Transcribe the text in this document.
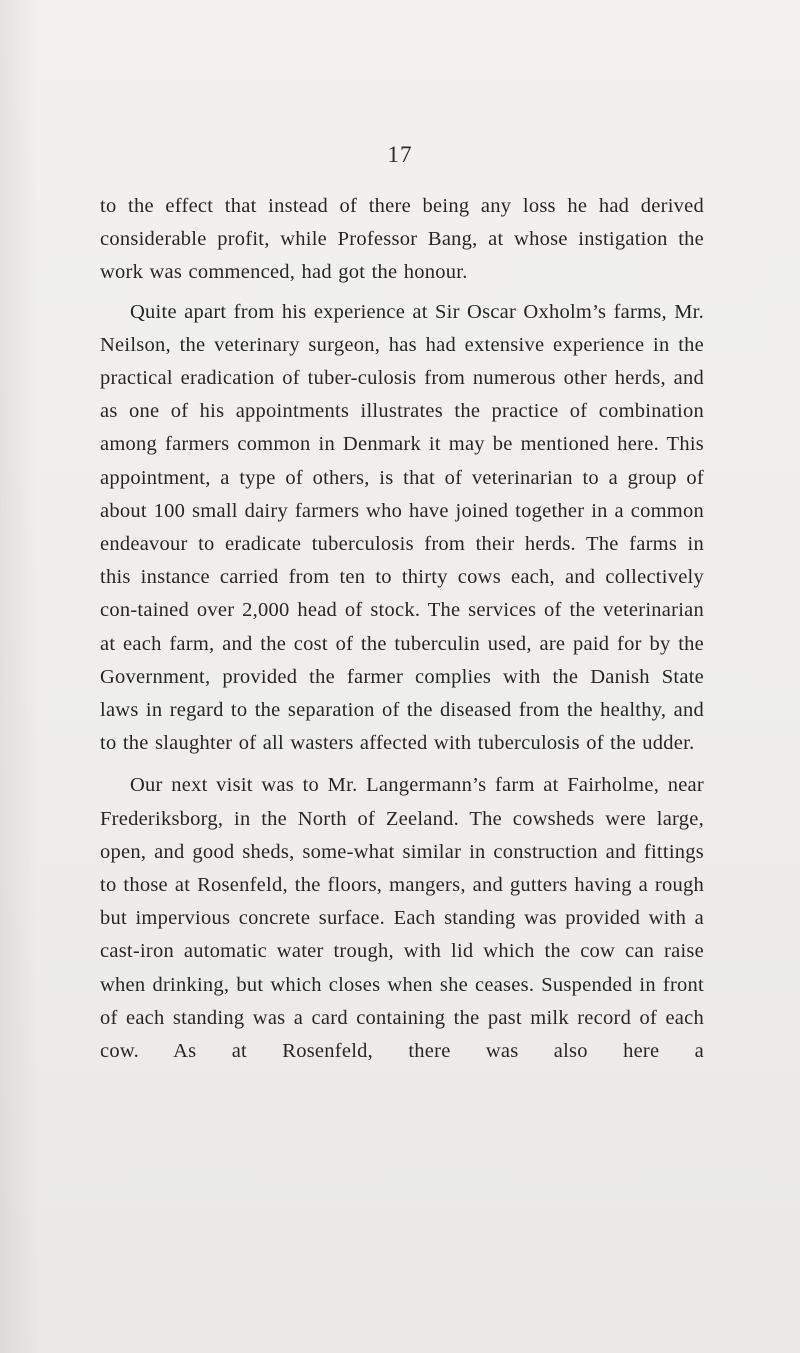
17

to the effect that instead of there being any loss he had derived considerable profit, while Professor Bang, at whose instigation the work was commenced, had got the honour.

Quite apart from his experience at Sir Oscar Oxholm’s farms, Mr. Neilson, the veterinary surgeon, has had extensive experience in the practical eradication of tuber-culosis from numerous other herds, and as one of his appointments illustrates the practice of combination among farmers common in Denmark it may be mentioned here. This appointment, a type of others, is that of veterinarian to a group of about 100 small dairy farmers who have joined together in a common endeavour to eradicate tuberculosis from their herds. The farms in this instance carried from ten to thirty cows each, and collectively con-tained over 2,000 head of stock. The services of the veterinarian at each farm, and the cost of the tuberculin used, are paid for by the Government, provided the farmer complies with the Danish State laws in regard to the separation of the diseased from the healthy, and to the slaughter of all wasters affected with tuberculosis of the udder.

Our next visit was to Mr. Langermann’s farm at Fairholme, near Frederiksborg, in the North of Zeeland. The cowsheds were large, open, and good sheds, some-what similar in construction and fittings to those at Rosenfeld, the floors, mangers, and gutters having a rough but impervious concrete surface. Each standing was provided with a cast-iron automatic water trough, with lid which the cow can raise when drinking, but which closes when she ceases. Suspended in front of each standing was a card containing the past milk record of each cow. As at Rosenfeld, there was also here a
